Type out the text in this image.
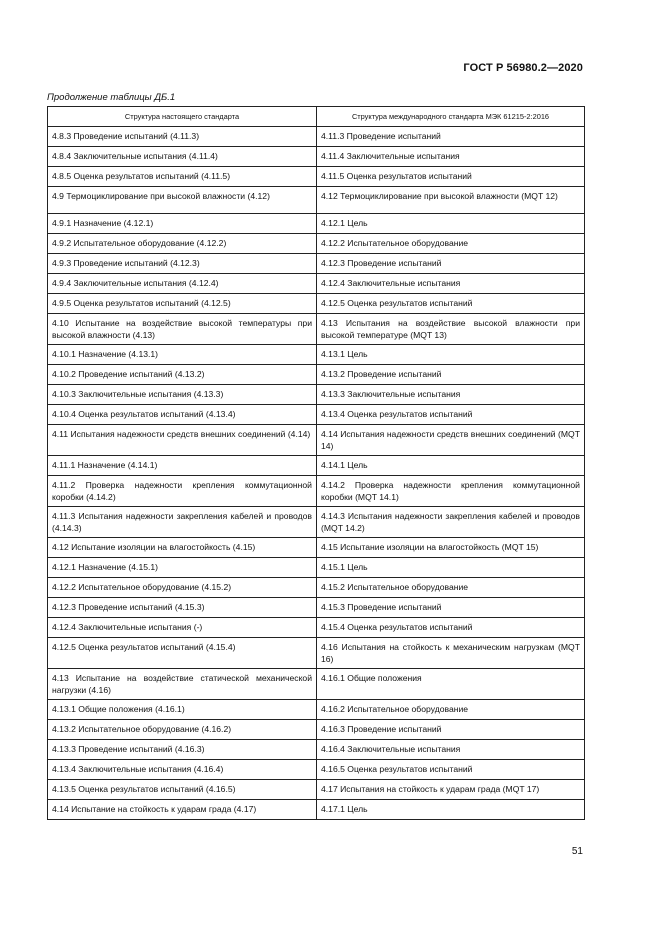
ГОСТ Р 56980.2—2020
Продолжение таблицы ДБ.1
Структура настоящего стандарта	Структура международного стандарта МЭК 61215-2:2016
4.8.3 Проведение испытаний (4.11.3)	4.11.3 Проведение испытаний
4.8.4 Заключительные испытания (4.11.4)	4.11.4 Заключительные испытания
4.8.5 Оценка результатов испытаний (4.11.5)	4.11.5 Оценка результатов испытаний
4.9 Термоциклирование при высокой влажности (4.12)	4.12 Термоциклирование при высокой влажности (MQT 12)
4.9.1 Назначение (4.12.1)	4.12.1 Цель
4.9.2 Испытательное оборудование (4.12.2)	4.12.2 Испытательное оборудование
4.9.3 Проведение испытаний (4.12.3)	4.12.3 Проведение испытаний
4.9.4 Заключительные испытания (4.12.4)	4.12.4 Заключительные испытания
4.9.5 Оценка результатов испытаний (4.12.5)	4.12.5 Оценка результатов испытаний
4.10 Испытание на воздействие высокой температуры при высокой влажности (4.13)	4.13 Испытания на воздействие высокой влажности при высокой температуре (MQT 13)
4.10.1 Назначение (4.13.1)	4.13.1 Цель
4.10.2 Проведение испытаний (4.13.2)	4.13.2 Проведение испытаний
4.10.3 Заключительные испытания (4.13.3)	4.13.3 Заключительные испытания
4.10.4 Оценка результатов испытаний (4.13.4)	4.13.4 Оценка результатов испытаний
4.11 Испытания надежности средств внешних соединений (4.14)	4.14 Испытания надежности средств внешних соединений (MQT 14)
4.11.1 Назначение (4.14.1)	4.14.1 Цель
4.11.2 Проверка надежности крепления коммутационной коробки (4.14.2)	4.14.2 Проверка надежности крепления коммутационной коробки (MQT 14.1)
4.11.3 Испытания надежности закрепления кабелей и проводов (4.14.3)	4.14.3 Испытания надежности закрепления кабелей и проводов (MQT 14.2)
4.12 Испытание изоляции на влагостойкость (4.15)	4.15 Испытание изоляции на влагостойкость (MQT 15)
4.12.1 Назначение (4.15.1)	4.15.1 Цель
4.12.2 Испытательное оборудование (4.15.2)	4.15.2 Испытательное оборудование
4.12.3 Проведение испытаний (4.15.3)	4.15.3 Проведение испытаний
4.12.4 Заключительные испытания (-)	4.15.4 Оценка результатов испытаний
4.12.5 Оценка результатов испытаний (4.15.4)	4.16 Испытания на стойкость к механическим нагрузкам (MQT 16)
4.13 Испытание на воздействие статической механической нагрузки (4.16)	4.16.1 Общие положения
4.13.1 Общие положения (4.16.1)	4.16.2 Испытательное оборудование
4.13.2 Испытательное оборудование (4.16.2)	4.16.3 Проведение испытаний
4.13.3 Проведение испытаний (4.16.3)	4.16.4 Заключительные испытания
4.13.4 Заключительные испытания (4.16.4)	4.16.5 Оценка результатов испытаний
4.13.5 Оценка результатов испытаний (4.16.5)	4.17 Испытания на стойкость к ударам града (MQT 17)
4.14 Испытание на стойкость к ударам града (4.17)	4.17.1 Цель
51
